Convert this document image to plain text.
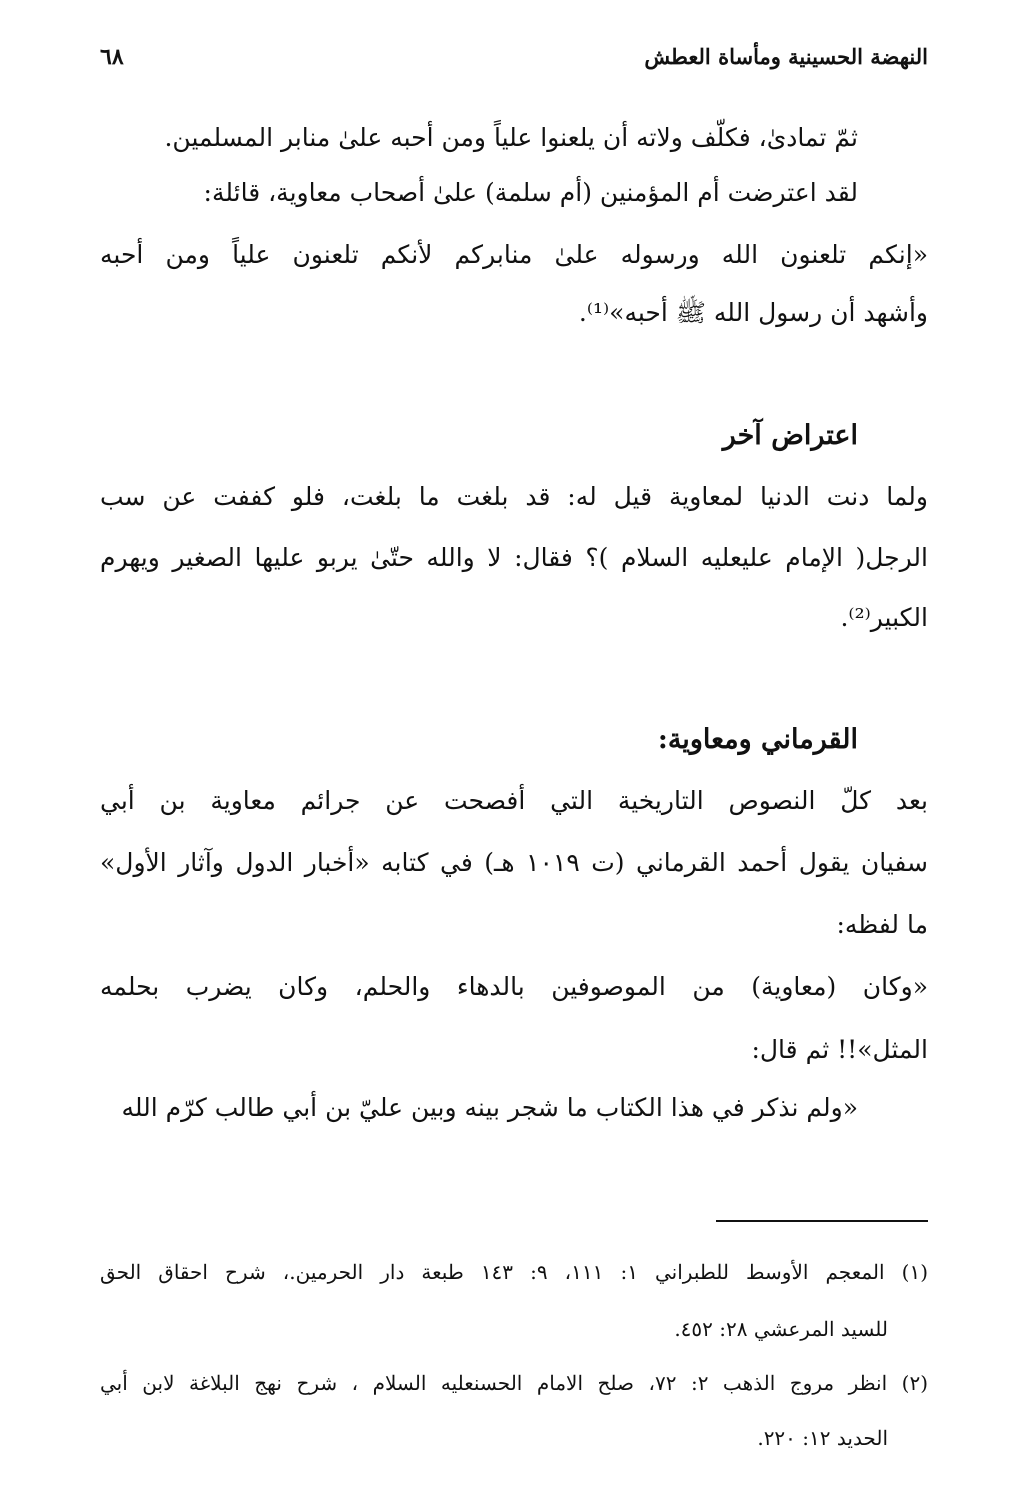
النهضة الحسينية ومأساة العطش
٦٨
ثمّ تمادىٰ، فكلّف ولاته أن يلعنوا علياً ومن أحبه علىٰ منابر المسلمين.
لقد اعترضت أم المؤمنين (أم سلمة) علىٰ أصحاب معاوية، قائلة:
«إنكم تلعنون الله ورسوله علىٰ منابركم لأنكم تلعنون علياً ومن أحبه
وأشهد أن رسول الله ﷺ أحبه»⁽¹⁾.
اعتراض آخر
ولما دنت الدنيا لمعاوية قيل له: قد بلغت ما بلغت، فلو كففت عن سب
الرجل( الإمام عليعليه السلام )؟ فقال: لا والله حتّىٰ يربو عليها الصغير ويهرم
الكبير⁽²⁾.
القرماني ومعاوية:
بعد كلّ النصوص التاريخية التي أفصحت عن جرائم معاوية بن أبي
سفيان يقول أحمد القرماني (ت ١٠١٩ هـ) في كتابه «أخبار الدول وآثار الأول»
ما لفظه:
«وكان (معاوية) من الموصوفين بالدهاء والحلم، وكان يضرب بحلمه
المثل»!! ثم قال:
«ولم نذكر في هذا الكتاب ما شجر بينه وبين عليّ بن أبي طالب كرّم الله
(١) المعجم الأوسط للطبراني ١: ١١١، ٩: ١٤٣ طبعة دار الحرمين.، شرح احقاق الحق
للسيد المرعشي ٢٨: ٤٥٢.
(٢) انظر مروج الذهب ٢: ٧٢، صلح الامام الحسنعليه السلام ، شرح نهج البلاغة لابن أبي
الحديد ١٢: ٢٢٠.
